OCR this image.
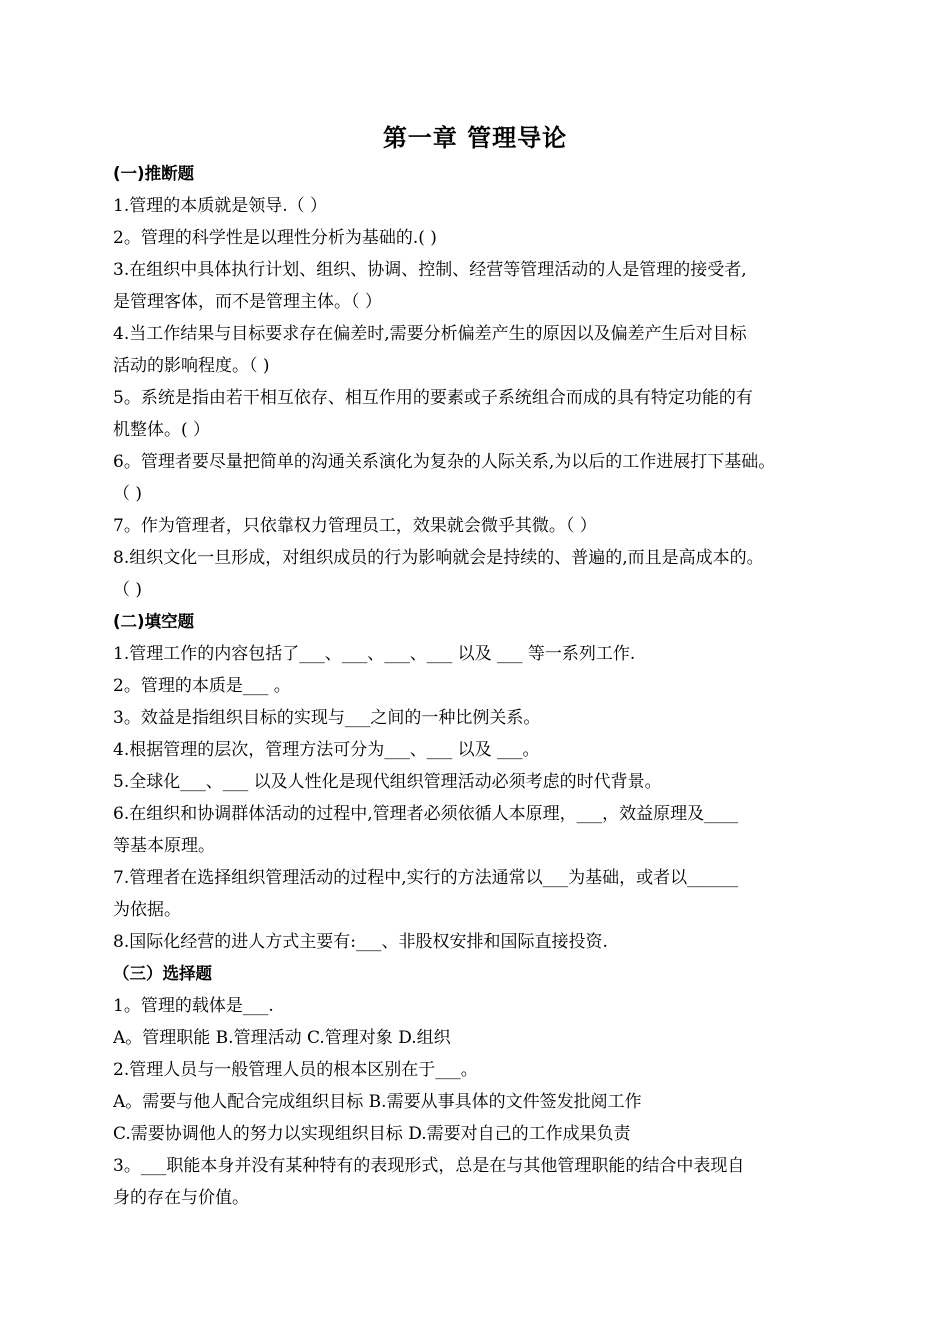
第一章 管理导论
(一)推断题
1.管理的本质就是领导.（ ）
2。管理的科学性是以理性分析为基础的.( )
3.在组织中具体执行计划、组织、协调、控制、经营等管理活动的人是管理的接受者,
是管理客体，而不是管理主体。（ ）
4.当工作结果与目标要求存在偏差时,需要分析偏差产生的原因以及偏差产生后对目标
活动的影响程度。（ )
5。系统是指由若干相互依存、相互作用的要素或子系统组合而成的具有特定功能的有
机整体。( ）
6。管理者要尽量把简单的沟通关系演化为复杂的人际关系,为以后的工作进展打下基础。
（ )
7。作为管理者，只依靠权力管理员工，效果就会微乎其微。（ ）
8.组织文化一旦形成，对组织成员的行为影响就会是持续的、普遍的,而且是高成本的。
（ )
(二)填空题
1.管理工作的内容包括了___、___、___、___ 以及 ___ 等一系列工作.
2。管理的本质是___ 。
3。效益是指组织目标的实现与___之间的一种比例关系。
4.根据管理的层次，管理方法可分为___、___ 以及 ___。
5.全球化___、___ 以及人性化是现代组织管理活动必须考虑的时代背景。
6.在组织和协调群体活动的过程中,管理者必须依循人本原理，___，效益原理及____
等基本原理。
7.管理者在选择组织管理活动的过程中,实行的方法通常以___为基础，或者以______
为依据。
8.国际化经营的进人方式主要有:___、非股权安排和国际直接投资.
（三）选择题
1。管理的载体是___.
A。管理职能 B.管理活动 C.管理对象 D.组织
2.管理人员与一般管理人员的根本区别在于___。
A。需要与他人配合完成组织目标 B.需要从事具体的文件签发批阅工作
C.需要协调他人的努力以实现组织目标 D.需要对自己的工作成果负责
3。___职能本身并没有某种特有的表现形式，总是在与其他管理职能的结合中表现自
身的存在与价值。
